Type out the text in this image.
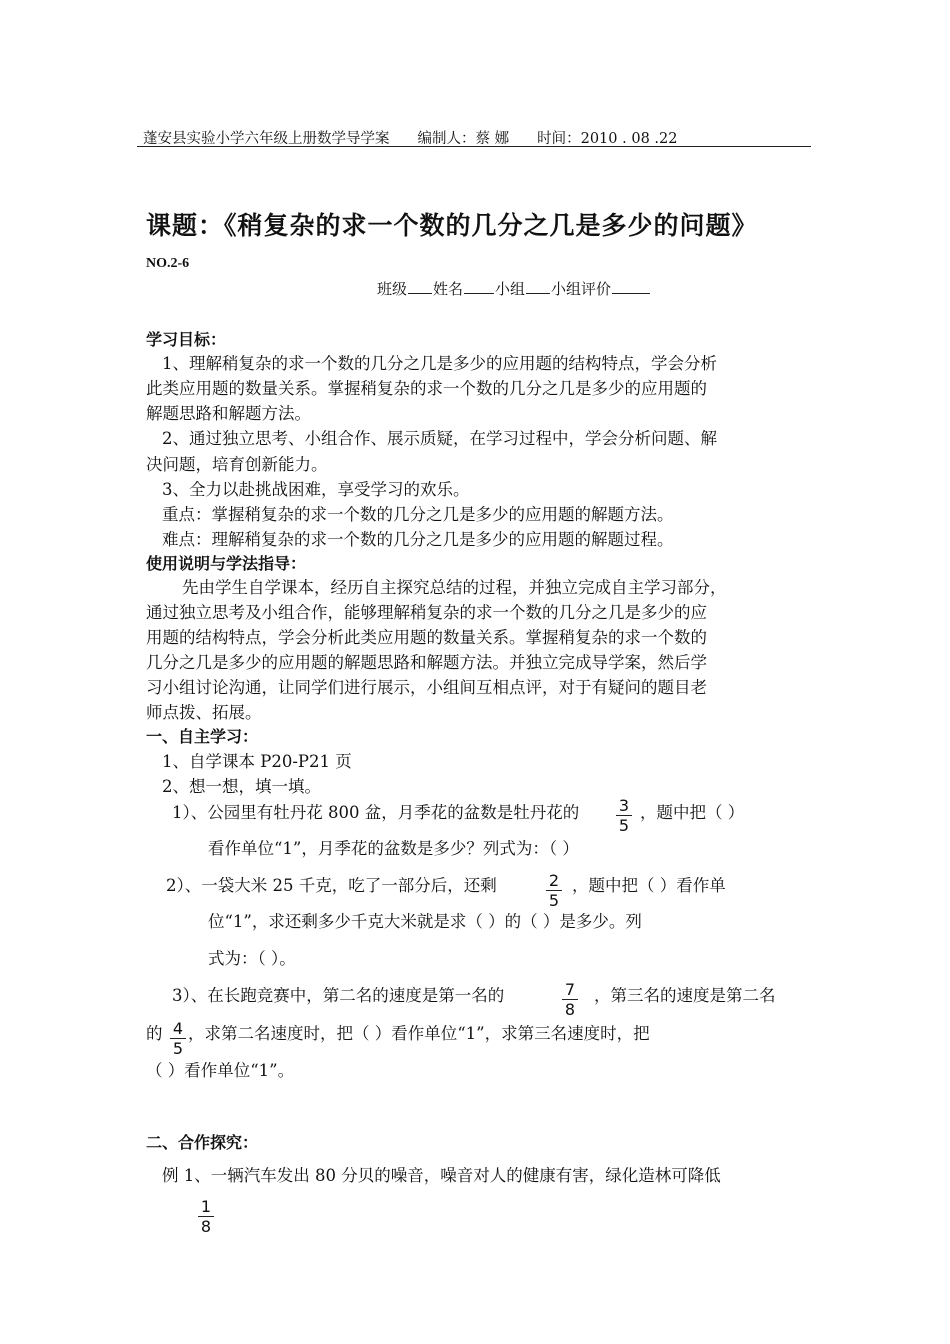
蓬安县实验小学六年级上册数学导学案 编制人：蔡 娜 时间：2010 . 08 .22
课题：《稍复杂的求一个数的几分之几是多少的问题》
NO.2-6
班级 姓名 小组 小组评价
学习目标：
1、理解稍复杂的求一个数的几分之几是多少的应用题的结构特点，学会分析
此类应用题的数量关系。掌握稍复杂的求一个数的几分之几是多少的应用题的
解题思路和解题方法。
2、通过独立思考、小组合作、展示质疑，在学习过程中，学会分析问题、解
决问题，培育创新能力。
3、全力以赴挑战困难，享受学习的欢乐。
重点：掌握稍复杂的求一个数的几分之几是多少的应用题的解题方法。
难点：理解稍复杂的求一个数的几分之几是多少的应用题的解题过程。
使用说明与学法指导：
先由学生自学课本，经历自主探究总结的过程，并独立完成自主学习部分，
通过独立思考及小组合作，能够理解稍复杂的求一个数的几分之几是多少的应
用题的结构特点，学会分析此类应用题的数量关系。掌握稍复杂的求一个数的
几分之几是多少的应用题的解题思路和解题方法。并独立完成导学案，然后学
习小组讨论沟通，让同学们进行展示，小组间互相点评，对于有疑问的题目老
师点拨、拓展。
一、自主学习：
1、自学课本 P20-P21 页
2、想一想，填一填。
1）、公园里有牡丹花 800 盆，月季花的盆数是牡丹花的 3
5
，题中把（ ）
看作单位“1”，月季花的盆数是多少？列式为：（ ）
2）、一袋大米 25 千克，吃了一部分后，还剩	2
5
，题中把（ ）看作单
位“1”，求还剩多少千克大米就是求（ ）的（ ）是多少。列
式为：（ ）。
3）、在长跑竞赛中，第二名的速度是第一名的	7
8
，第三名的速度是第二名
的 4
5
，求第二名速度时，把（ ）看作单位“1”，求第三名速度时，把
（ ）看作单位“1”。
二、合作探究：
例 1、一辆汽车发出 80 分贝的噪音，噪音对人的健康有害，绿化造林可降低
1
8
